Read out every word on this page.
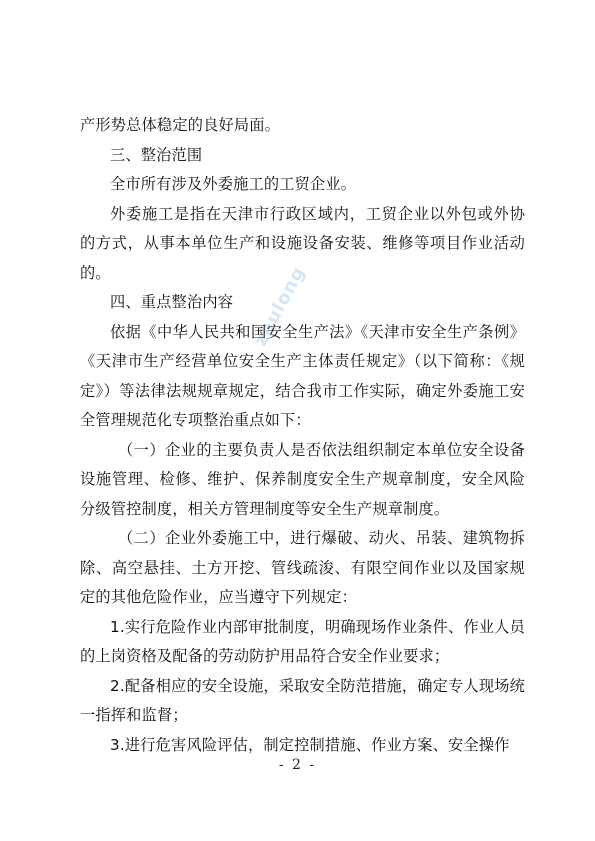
zhulong

产形势总体稳定的良好局面。

三、整治范围

全市所有涉及外委施工的工贸企业。

外委施工是指在天津市行政区域内，工贸企业以外包或外协的方式，从事本单位生产和设施设备安装、维修等项目作业活动的。

四、重点整治内容

依据《中华人民共和国安全生产法》《天津市安全生产条例》《天津市生产经营单位安全生产主体责任规定》（以下简称：《规定》）等法律法规规章规定，结合我市工作实际，确定外委施工安全管理规范化专项整治重点如下：

（一）企业的主要负责人是否依法组织制定本单位安全设备设施管理、检修、维护、保养制度安全生产规章制度，安全风险分级管控制度，相关方管理制度等安全生产规章制度。

（二）企业外委施工中，进行爆破、动火、吊装、建筑物拆除、高空悬挂、土方开挖、管线疏浚、有限空间作业以及国家规定的其他危险作业，应当遵守下列规定：

1.实行危险作业内部审批制度，明确现场作业条件、作业人员的上岗资格及配备的劳动防护用品符合安全作业要求；

2.配备相应的安全设施，采取安全防范措施，确定专人现场统一指挥和监督；

3.进行危害风险评估，制定控制措施、作业方案、安全操作

- 2 -
